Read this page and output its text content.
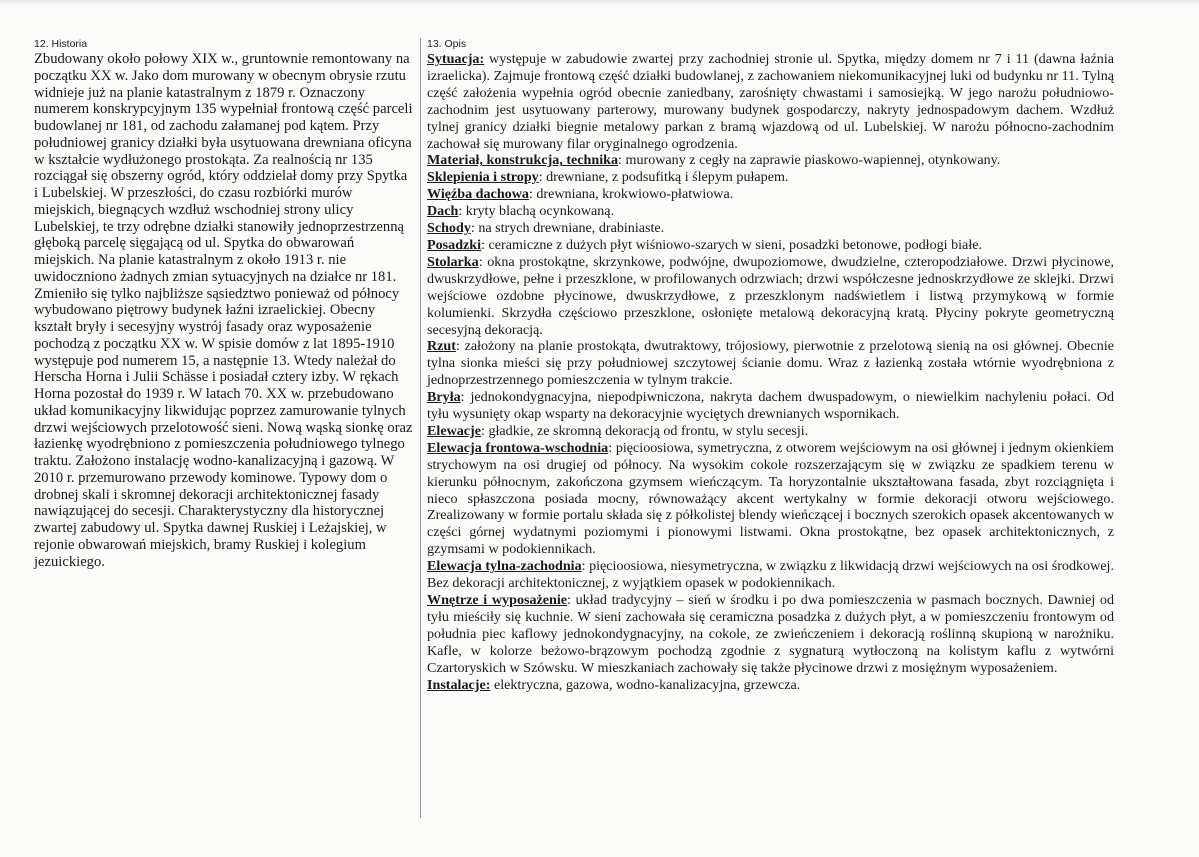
12. Historia

Zbudowany około połowy XIX w., gruntownie remontowany na początku XX w. Jako dom murowany w obecnym obrysie rzutu widnieje już na planie katastralnym z 1879 r. Oznaczony numerem konskrypcyjnym 135 wypełniał frontową część parceli budowlanej nr 181, od zachodu załamanej pod kątem. Przy południowej granicy działki była usytuowana drewniana oficyna w kształcie wydłużonego prostokąta. Za realnością nr 135 rozciągał się obszerny ogród, który oddzielał domy przy Spytka i Lubelskiej. W przeszłości, do czasu rozbiórki murów miejskich, biegnących wzdłuż wschodniej strony ulicy Lubelskiej, te trzy odrębne działki stanowiły jednoprzestrzenną głęboką parcelę sięgającą od ul. Spytka do obwarowań miejskich. Na planie katastralnym z około 1913 r. nie uwidoczniono żadnych zmian sytuacyjnych na działce nr 181. Zmieniło się tylko najbliższe sąsiedztwo ponieważ od północy wybudowano piętrowy budynek łaźni izraelickiej. Obecny kształt bryły i secesyjny wystrój fasady oraz wyposażenie pochodzą z początku XX w. W spisie domów z lat 1895-1910 występuje pod numerem 15, a następnie 13. Wtedy należał do Herscha Horna i Julii Schässe i posiadał cztery izby. W rękach Horna pozostał do 1939 r. W latach 70. XX w. przebudowano układ komunikacyjny likwidując poprzez zamurowanie tylnych drzwi wejściowych przelotowość sieni. Nową wąską sionkę oraz łazienkę wyodrębniono z pomieszczenia południowego tylnego traktu. Założono instalację wodno-kanalizacyjną i gazową. W 2010 r. przemurowano przewody kominowe. Typowy dom o drobnej skali i skromnej dekoracji architektonicznej fasady nawiązującej do secesji. Charakterystyczny dla historycznej zwartej zabudowy ul. Spytka dawnej Ruskiej i Leżajskiej, w rejonie obwarowań miejskich, bramy Ruskiej i kolegium jezuickiego.

13. Opis

Sytuacja: występuje w zabudowie zwartej przy zachodniej stronie ul. Spytka, między domem nr 7 i 11 (dawna łaźnia izraelicka). Zajmuje frontową część działki budowlanej, z zachowaniem niekomunikacyjnej luki od budynku nr 11. Tylną część założenia wypełnia ogród obecnie zaniedbany, zarośnięty chwastami i samosiejką. W jego narożu południowo-zachodnim jest usytuowany parterowy, murowany budynek gospodarczy, nakryty jednospadowym dachem. Wzdłuż tylnej granicy działki biegnie metalowy parkan z bramą wjazdową od ul. Lubelskiej. W narożu północno-zachodnim zachował się murowany filar oryginalnego ogrodzenia.

Materiał, konstrukcja, technika: murowany z cegły na zaprawie piaskowo-wapiennej, otynkowany.

Sklepienia i stropy: drewniane, z podsufitką i ślepym pułapem.

Więźba dachowa: drewniana, krokwiowo-płatwiowa.

Dach: kryty blachą ocynkowaną.

Schody: na strych drewniane, drabiniaste.

Posadzki: ceramiczne z dużych płyt wiśniowo-szarych w sieni, posadzki betonowe, podłogi białe.

Stolarka: okna prostokątne, skrzynkowe, podwójne, dwupoziomowe, dwudzielne, czteropodziałowe. Drzwi płycinowe, dwuskrzydłowe, pełne i przeszklone, w profilowanych odrzwiach; drzwi współczesne jednoskrzydłowe ze sklejki. Drzwi wejściowe ozdobne płycinowe, dwuskrzydłowe, z przeszklonym nadświetlem i listwą przymykową w formie kolumienki. Skrzydła częściowo przeszklone, osłonięte metalową dekoracyjną kratą. Płyciny pokryte geometryczną secesyjną dekoracją.

Rzut: założony na planie prostokąta, dwutraktowy, trójosiowy, pierwotnie z przelotową sienią na osi głównej. Obecnie tylna sionka mieści się przy południowej szczytowej ścianie domu. Wraz z łazienką została wtórnie wyodrębniona z jednoprzestrzennego pomieszczenia w tylnym trakcie.

Bryła: jednokondygnacyjna, niepodpiwniczona, nakryta dachem dwuspadowym, o niewielkim nachyleniu połaci. Od tyłu wysunięty okap wsparty na dekoracyjnie wyciętych drewnianych wspornikach.

Elewacje: gładkie, ze skromną dekoracją od frontu, w stylu secesji.

Elewacja frontowa-wschodnia: pięcioosiowa, symetryczna, z otworem wejściowym na osi głównej i jednym okienkiem strychowym na osi drugiej od północy. Na wysokim cokole rozszerzającym się w związku ze spadkiem terenu w kierunku północnym, zakończona gzymsem wieńczącym. Ta horyzontalnie ukształtowana fasada, zbyt rozciągnięta i nieco spłaszczona posiada mocny, równoważący akcent wertykalny w formie dekoracji otworu wejściowego. Zrealizowany w formie portalu składa się z półkolistej blendy wieńczącej i bocznych szerokich opasek akcentowanych w części górnej wydatnymi poziomymi i pionowymi listwami. Okna prostokątne, bez opasek architektonicznych, z gzymsami w podokiennikach.

Elewacja tylna-zachodnia: pięcioosiowa, niesymetryczna, w związku z likwidacją drzwi wejściowych na osi środkowej. Bez dekoracji architektonicznej, z wyjątkiem opasek w podokiennikach.

Wnętrze i wyposażenie: układ tradycyjny – sień w środku i po dwa pomieszczenia w pasmach bocznych. Dawniej od tyłu mieściły się kuchnie. W sieni zachowała się ceramiczna posadzka z dużych płyt, a w pomieszczeniu frontowym od południa piec kaflowy jednokondygnacyjny, na cokole, ze zwieńczeniem i dekoracją roślinną skupioną w narożniku. Kafle, w kolorze beżowo-brązowym pochodzą zgodnie z sygnaturą wytłoczoną na kolistym kaflu z wytwórni Czartoryskich w Szówsku. W mieszkaniach zachowały się także płycinowe drzwi z mosiężnym wyposażeniem.

Instalacje: elektryczna, gazowa, wodno-kanalizacyjna, grzewcza.
